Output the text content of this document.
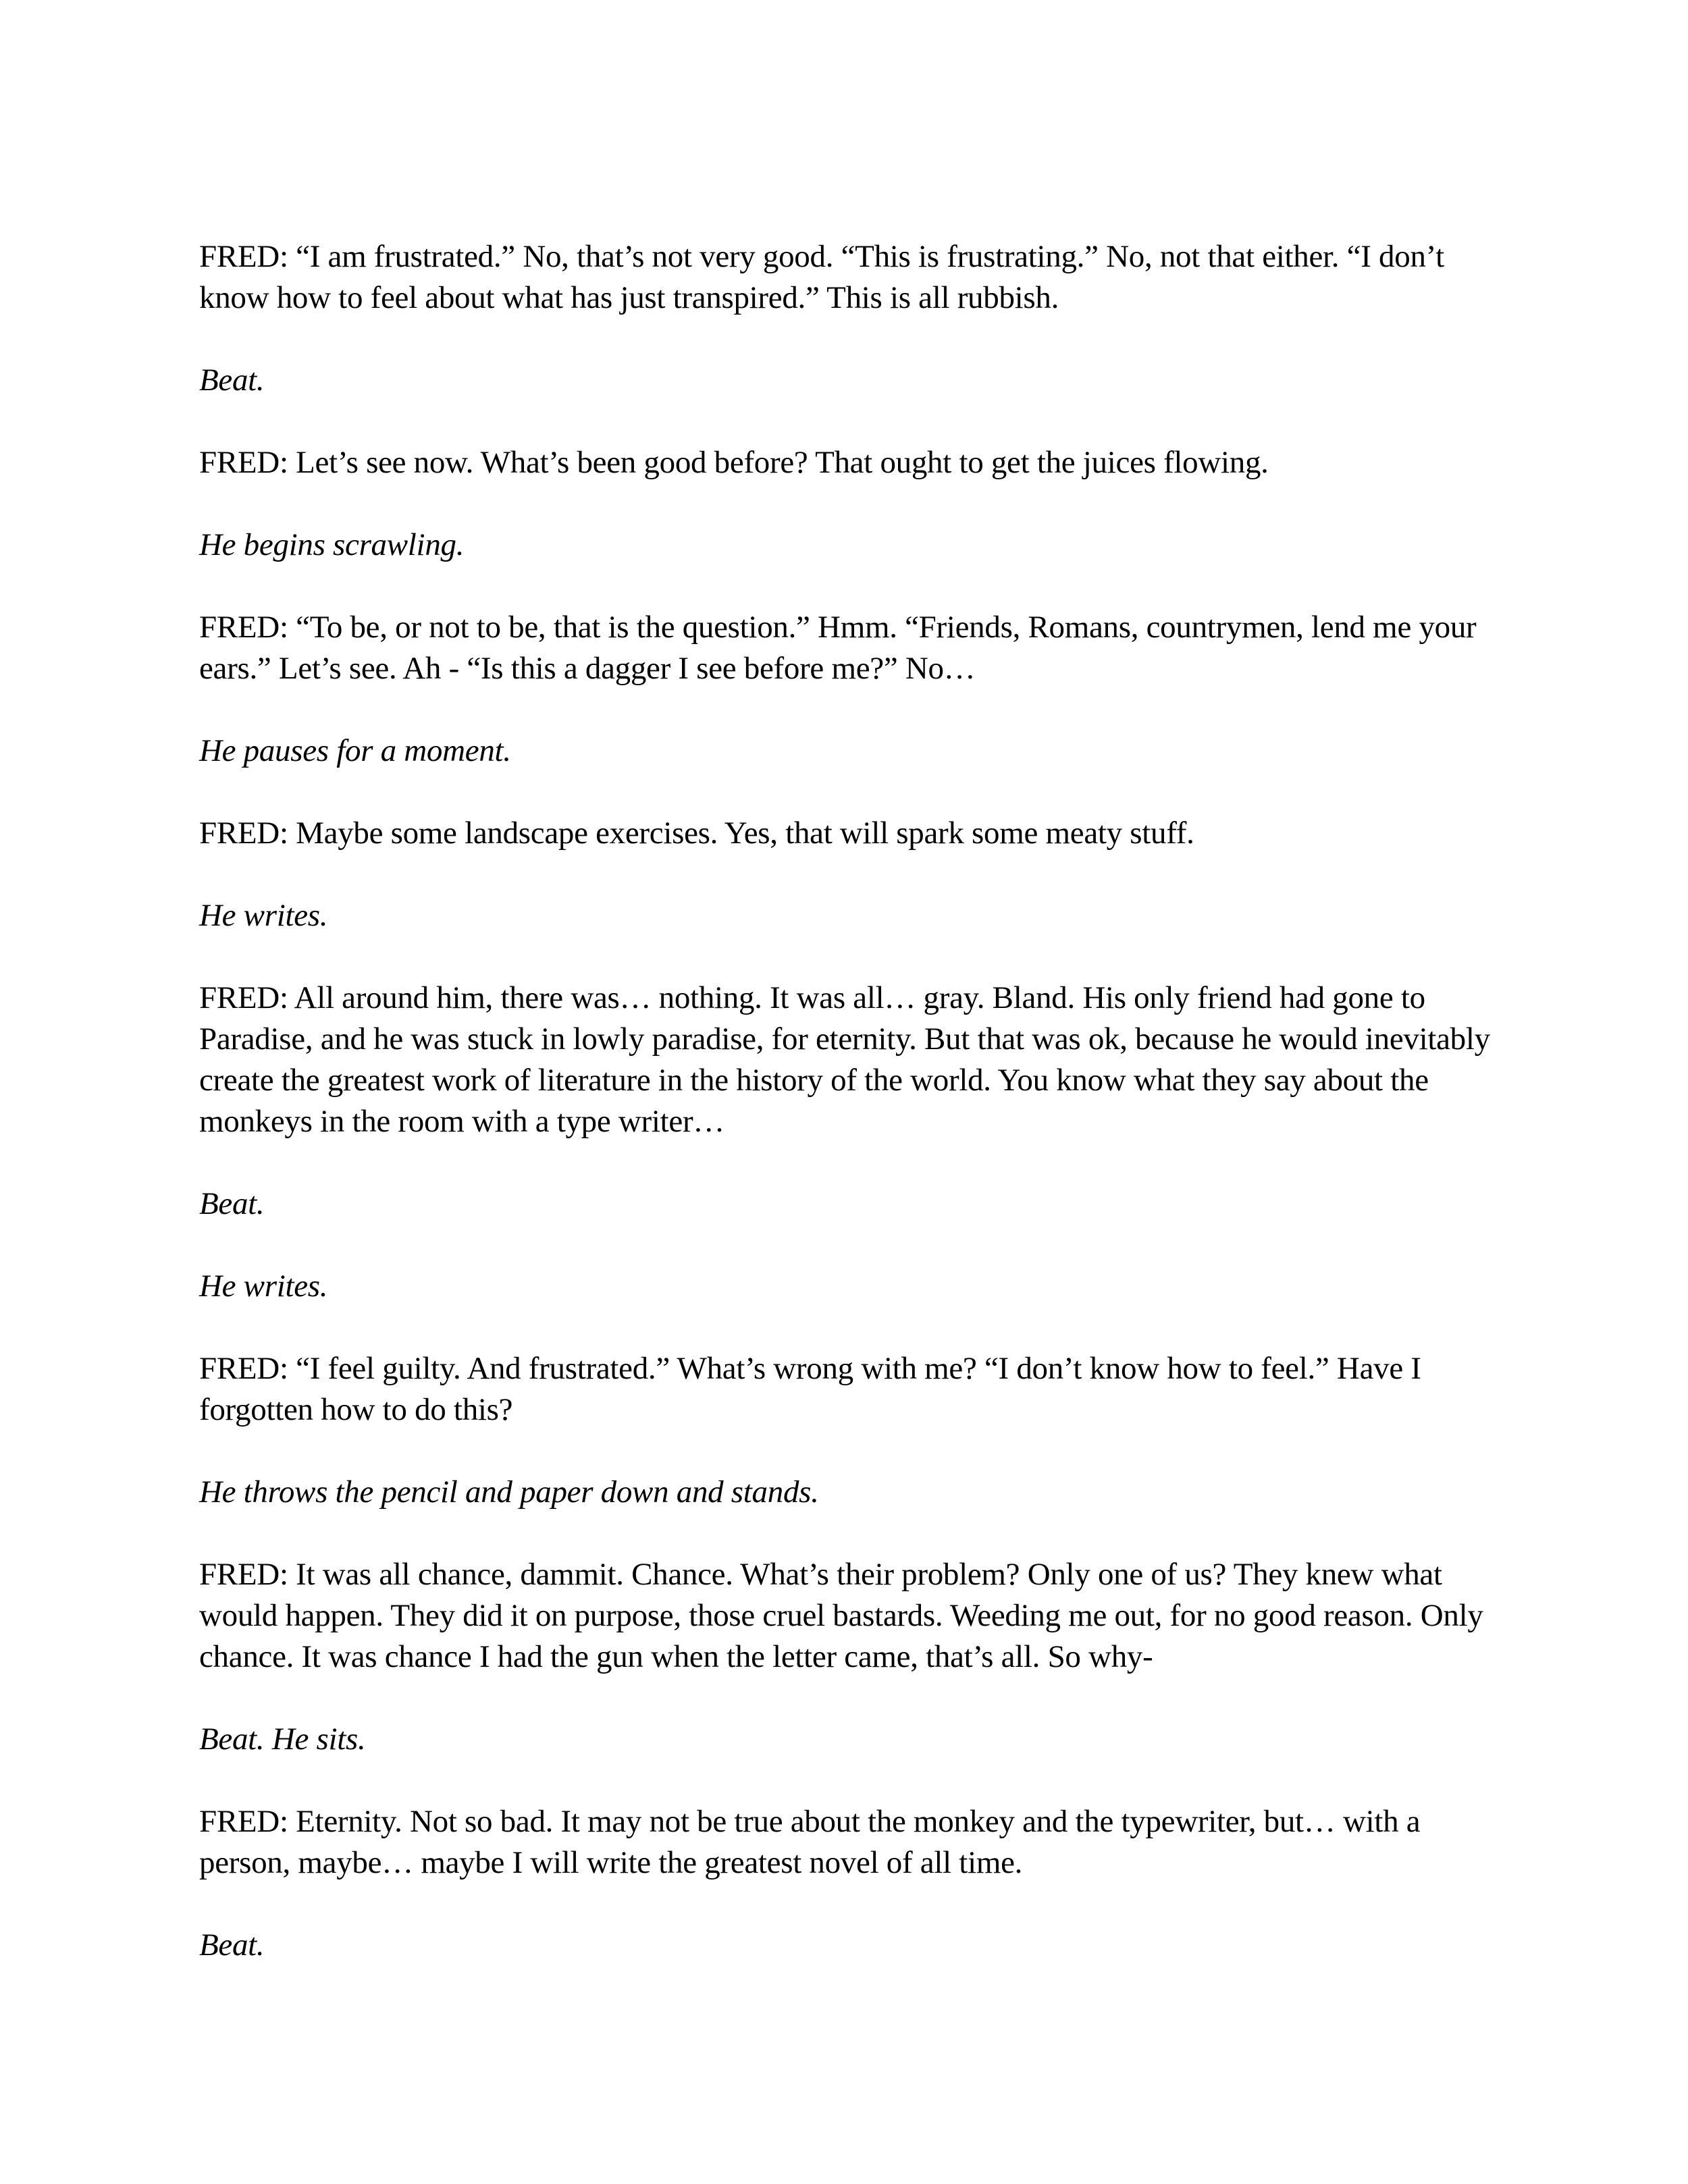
FRED: “I am frustrated.” No, that’s not very good. “This is frustrating.” No, not that either. “I don’t know how to feel about what has just transpired.” This is all rubbish.

Beat.

FRED: Let’s see now. What’s been good before? That ought to get the juices flowing.

He begins scrawling.

FRED: “To be, or not to be, that is the question.” Hmm. “Friends, Romans, countrymen, lend me your ears.” Let’s see. Ah - “Is this a dagger I see before me?” No…

He pauses for a moment.

FRED: Maybe some landscape exercises. Yes, that will spark some meaty stuff.

He writes.

FRED: All around him, there was… nothing. It was all… gray. Bland. His only friend had gone to Paradise, and he was stuck in lowly paradise, for eternity. But that was ok, because he would inevitably create the greatest work of literature in the history of the world. You know what they say about the monkeys in the room with a type writer…

Beat.

He writes.

FRED: “I feel guilty. And frustrated.” What’s wrong with me? “I don’t know how to feel.” Have I forgotten how to do this?

He throws the pencil and paper down and stands.

FRED: It was all chance, dammit. Chance. What’s their problem? Only one of us? They knew what would happen. They did it on purpose, those cruel bastards. Weeding me out, for no good reason. Only chance. It was chance I had the gun when the letter came, that’s all. So why-

Beat. He sits.

FRED: Eternity. Not so bad. It may not be true about the monkey and the typewriter, but… with a person, maybe… maybe I will write the greatest novel of all time.

Beat.
